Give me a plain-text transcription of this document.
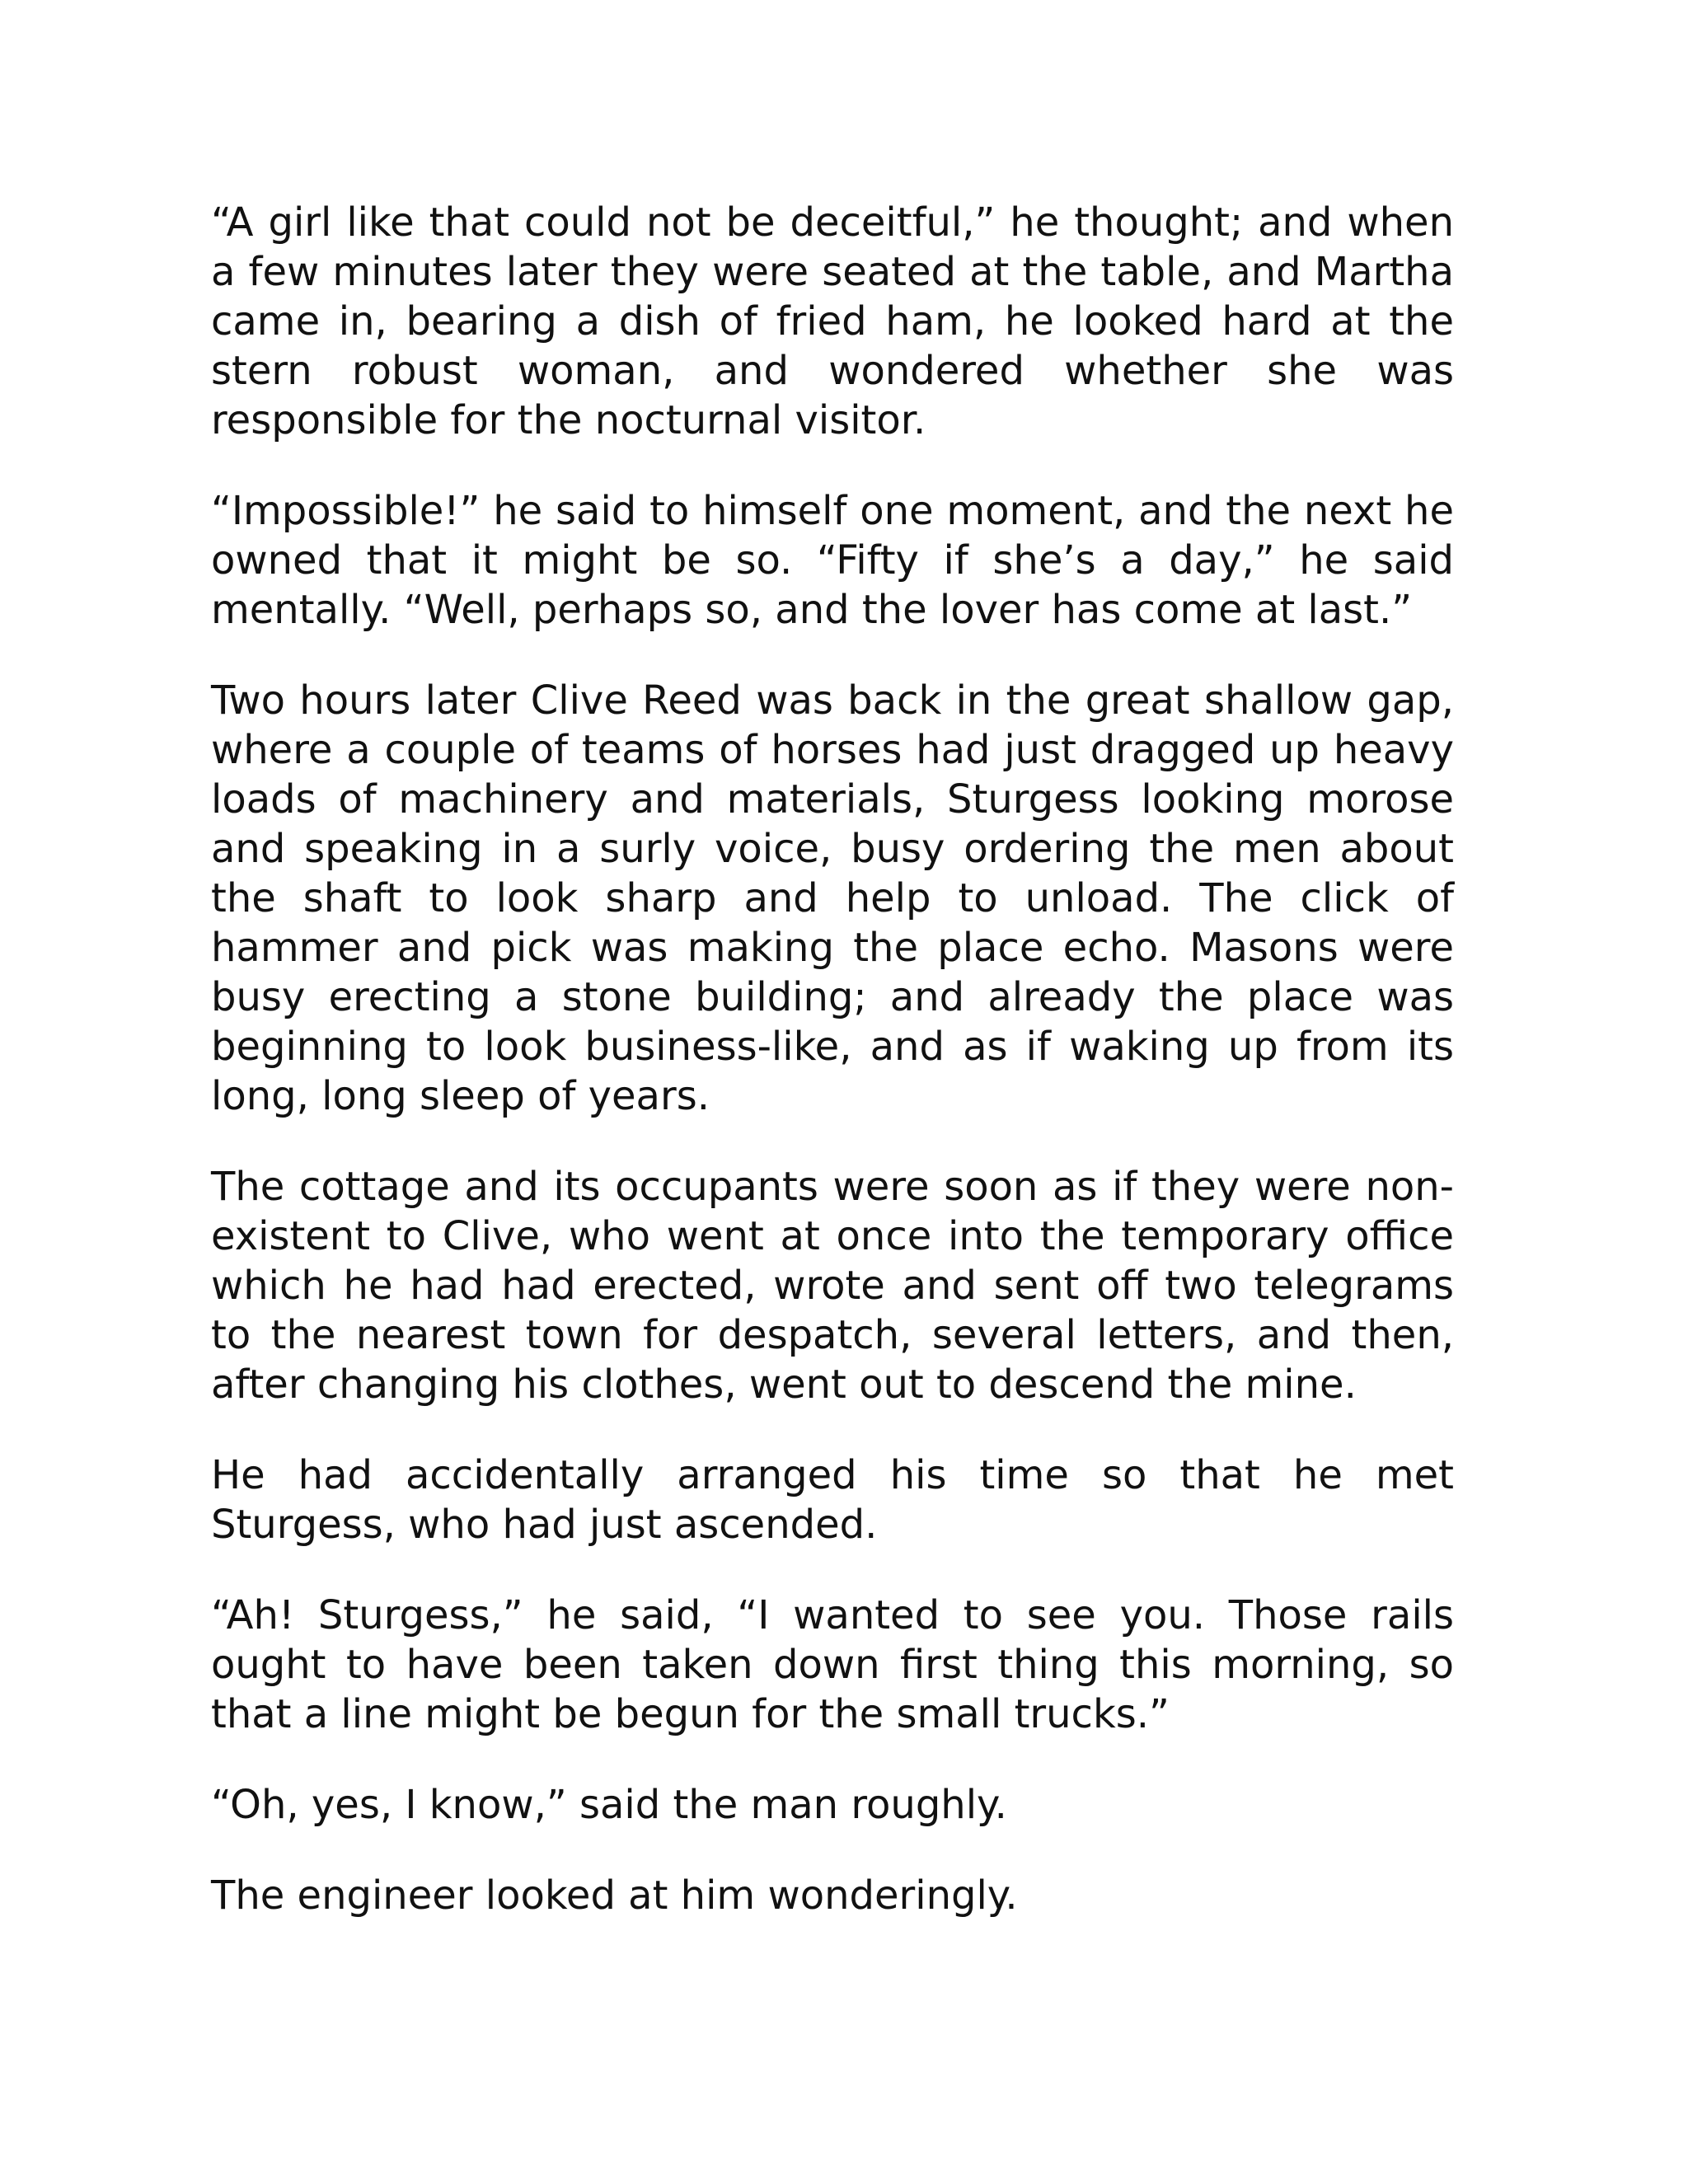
“A girl like that could not be deceitful,” he thought; and when a few minutes later they were seated at the table, and Martha came in, bearing a dish of fried ham, he looked hard at the stern robust woman, and wondered whether she was responsible for the nocturnal visitor.

“Impossible!” he said to himself one moment, and the next he owned that it might be so. “Fifty if she’s a day,” he said mentally. “Well, perhaps so, and the lover has come at last.”

Two hours later Clive Reed was back in the great shallow gap, where a couple of teams of horses had just dragged up heavy loads of machinery and materials, Sturgess looking morose and speaking in a surly voice, busy ordering the men about the shaft to look sharp and help to unload. The click of hammer and pick was making the place echo. Masons were busy erecting a stone building; and already the place was beginning to look business-like, and as if waking up from its long, long sleep of years.

The cottage and its occupants were soon as if they were non-existent to Clive, who went at once into the temporary office which he had had erected, wrote and sent off two telegrams to the nearest town for despatch, several letters, and then, after changing his clothes, went out to descend the mine.

He had accidentally arranged his time so that he met Sturgess, who had just ascended.

“Ah! Sturgess,” he said, “I wanted to see you. Those rails ought to have been taken down first thing this morning, so that a line might be begun for the small trucks.”

“Oh, yes, I know,” said the man roughly.

The engineer looked at him wonderingly.
